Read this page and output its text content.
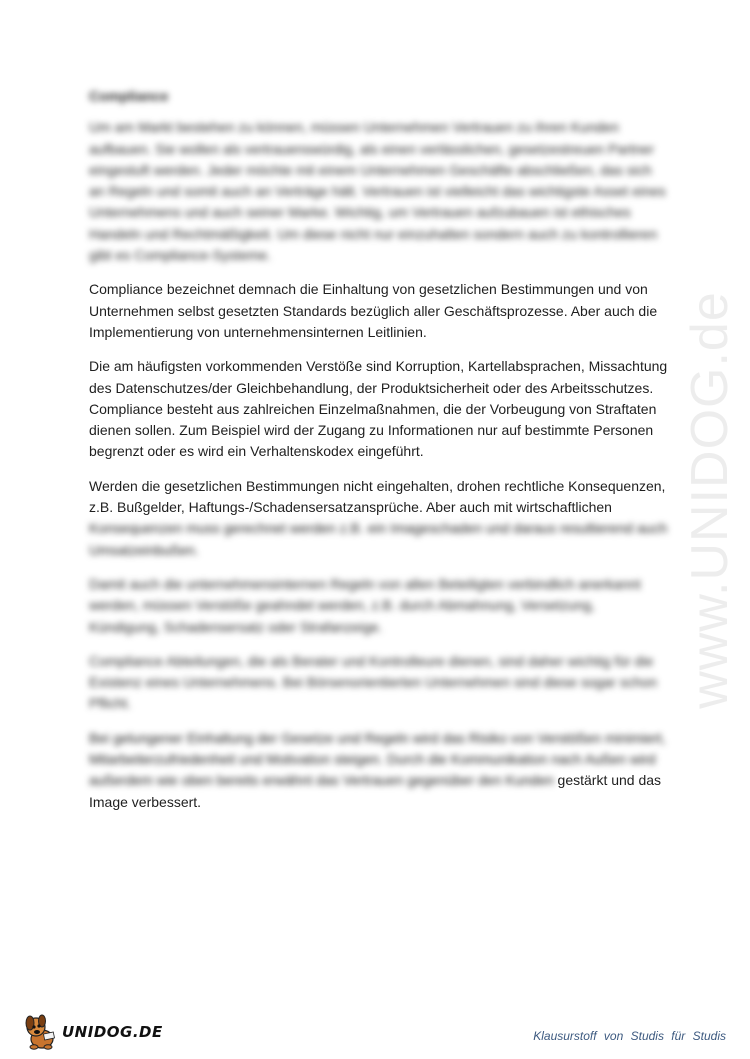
www.UNIDOG.de
Compliance

Um am Markt bestehen zu können, müssen Unternehmen Vertrauen zu ihren Kunden aufbauen. Sie wollen als vertrauenswürdig, als einen verlässlichen, gesetzestreuen Partner eingestuft werden. Jeder möchte mit einem Unternehmen Geschäfte abschließen, das sich an Regeln und somit auch an Verträge hält. Vertrauen ist vielleicht das wichtigste Asset eines Unternehmens und auch seiner Marke. Wichtig, um Vertrauen aufzubauen ist ethisches Handeln und Rechtmäßigkeit. Um diese nicht nur einzuhalten sondern auch zu kontrollieren gibt es Compliance-Systeme.

Compliance bezeichnet demnach die Einhaltung von gesetzlichen Bestimmungen und von Unternehmen selbst gesetzten Standards bezüglich aller Geschäftsprozesse. Aber auch die Implementierung von unternehmensinternen Leitlinien.

Die am häufigsten vorkommenden Verstöße sind Korruption, Kartellabsprachen, Missachtung des Datenschutzes/der Gleichbehandlung, der Produktsicherheit oder des Arbeitsschutzes. Compliance besteht aus zahlreichen Einzelmaßnahmen, die der Vorbeugung von Straftaten dienen sollen. Zum Beispiel wird der Zugang zu Informationen nur auf bestimmte Personen begrenzt oder es wird ein Verhaltenskodex eingeführt.

Werden die gesetzlichen Bestimmungen nicht eingehalten, drohen rechtliche Konsequenzen, z.B. Bußgelder, Haftungs-/Schadensersatzansprüche. Aber auch mit wirtschaftlichen Konsequenzen muss gerechnet werden z.B. ein Imageschaden und daraus resultierend auch Umsatzeinbußen.

Damit auch die unternehmensinternen Regeln von allen Beteiligten verbindlich anerkannt werden, müssen Verstöße geahndet werden, z.B. durch Abmahnung, Versetzung, Kündigung, Schadensersatz oder Strafanzeige.

Compliance Abteilungen, die als Berater und Kontrolleure dienen, sind daher wichtig für die Existenz eines Unternehmens. Bei Börsenorientierten Unternehmen sind diese sogar schon Pflicht.

Bei gelungener Einhaltung der Gesetze und Regeln wird das Risiko von Verstößen minimiert, Mitarbeiterzufriedenheit und Motivation steigen. Durch die Kommunikation nach Außen wird außerdem wie oben bereits erwähnt das Vertrauen gegenüber den Kunden gestärkt und das Image verbessert.

UNIDOG.DE	Klausurstoff von Studis für Studis
